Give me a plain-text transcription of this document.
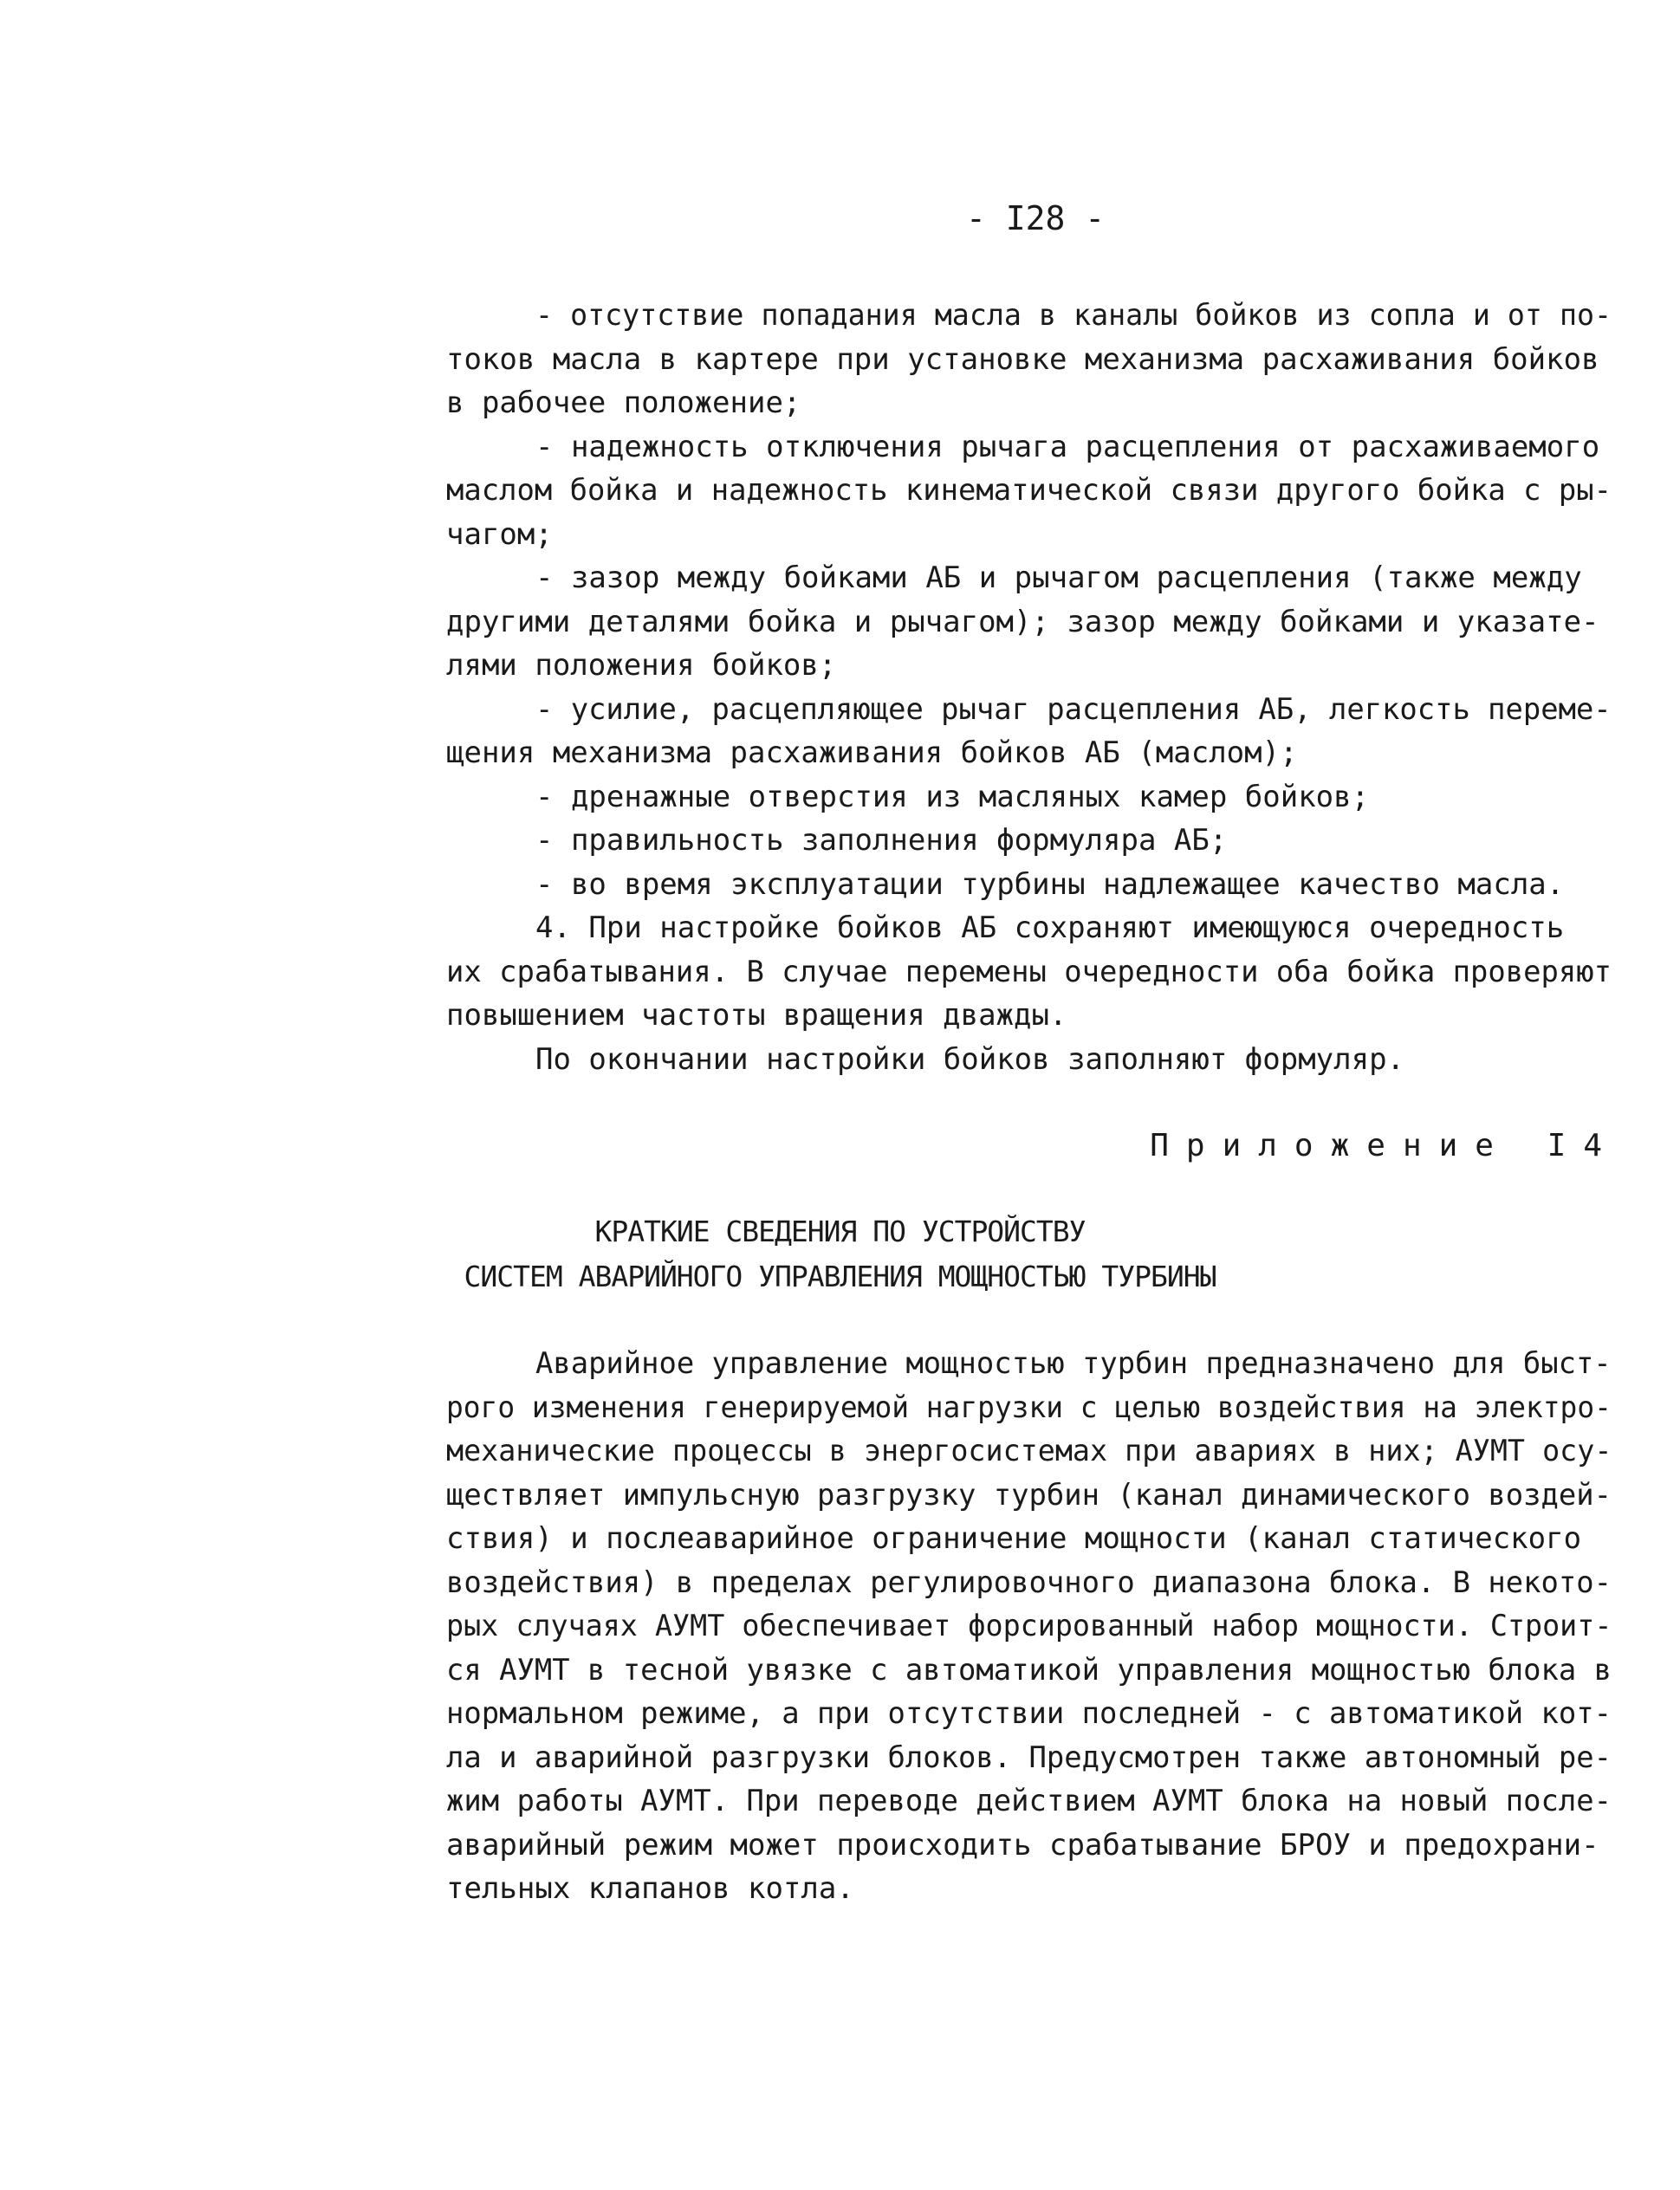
- I28 -
- отсутствие попадания масла в каналы бойков из сопла и от по-
токов масла в картере при установке механизма расхаживания бойков
в рабочее положение;
- надежность отключения рычага расцепления от расхаживаемого
маслом бойка и надежность кинематической связи другого бойка с ры-
чагом;
- зазор между бойками АБ и рычагом расцепления (также между
другими деталями бойка и рычагом); зазор между бойками и указате-
лями положения бойков;
- усилие, расцепляющее рычаг расцепления АБ, легкость переме-
щения механизма расхаживания бойков АБ (маслом);
- дренажные отверстия из масляных камер бойков;
- правильность заполнения формуляра АБ;
- во время эксплуатации турбины надлежащее качество масла.
4. При настройке бойков АБ сохраняют имеющуюся очередность
их срабатывания. В случае перемены очередности оба бойка проверяют
повышением частоты вращения дважды.
По окончании настройки бойков заполняют формуляр.
Приложение I4
КРАТКИЕ СВЕДЕНИЯ ПО УСТРОЙСТВУ
СИСТЕМ АВАРИЙНОГО УПРАВЛЕНИЯ МОЩНОСТЬЮ ТУРБИНЫ
Аварийное управление мощностью турбин предназначено для быст-
рого изменения генерируемой нагрузки с целью воздействия на электро-
механические процессы в энергосистемах при авариях в них; АУМТ осу-
ществляет импульсную разгрузку турбин (канал динамического воздей-
ствия) и послеаварийное ограничение мощности (канал статического
воздействия) в пределах регулировочного диапазона блока. В некото-
рых случаях АУМТ обеспечивает форсированный набор мощности. Строит-
ся АУМТ в тесной увязке с автоматикой управления мощностью блока в
нормальном режиме, а при отсутствии последней - с автоматикой кот-
ла и аварийной разгрузки блоков. Предусмотрен также автономный ре-
жим работы АУМТ. При переводе действием АУМТ блока на новый после-
аварийный режим может происходить срабатывание БРОУ и предохрани-
тельных клапанов котла.
